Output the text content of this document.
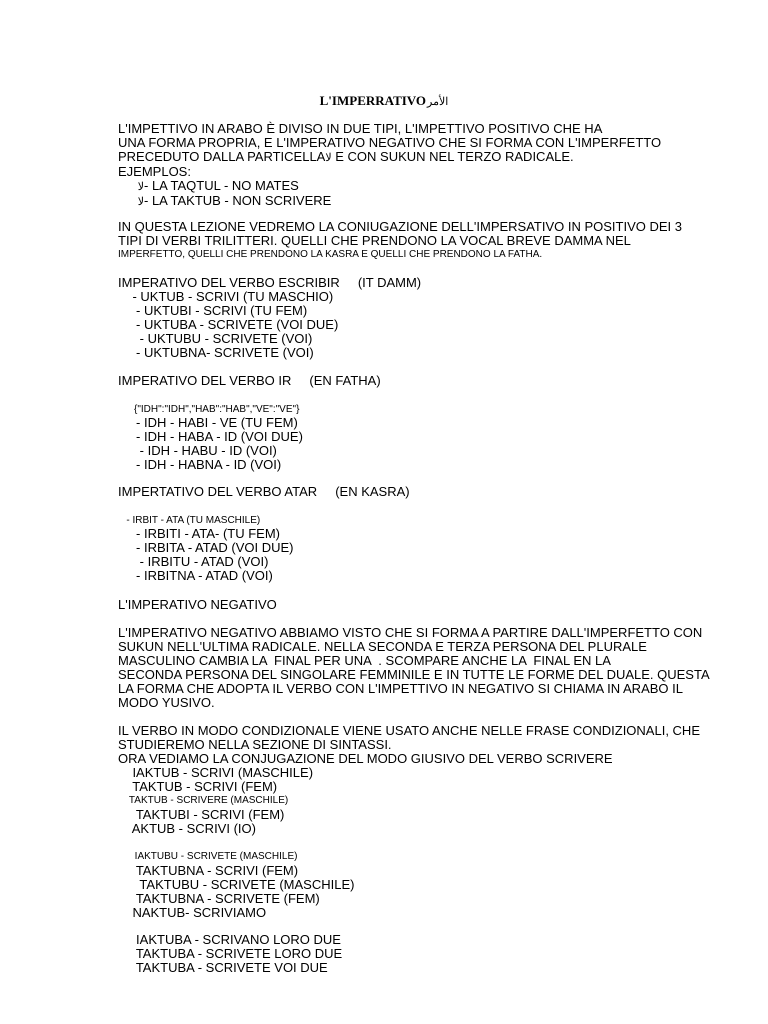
L'IMPERRATIVOالأمر
L'IMPETTIVO IN ARABO È DIVISO IN DUE TIPI, L'IMPETTIVO POSITIVO CHE HA
UNA FORMA PROPRIA, E L'IMPERATIVO NEGATIVO CHE SI FORMA CON L'IMPERFETTO
PRECEDUTO DALLA PARTICELLAلا E CON SUKUN NEL TERZO RADICALE.
EJEMPLOS:
لا- LA TAQTUL - NO MATES
لا- LA TAKTUB - NON SCRIVERE
IN QUESTA LEZIONE VEDREMO LA CONIUGAZIONE DELL'IMPERSATIVO IN POSITIVO DEI 3
TIPI DI VERBI TRILITTERI. QUELLI CHE PRENDONO LA VOCAL BREVE DAMMA NEL
IMPERFETTO, QUELLI CHE PRENDONO LA KASRA E QUELLI CHE PRENDONO LA FATHA.
IMPERATIVO DEL VERBO ESCRIBIR     (IT DAMM)
- UKTUB - SCRIVI (TU MASCHIO)
- UKTUBI - SCRIVI (TU FEM)
- UKTUBA - SCRIVETE (VOI DUE)
- UKTUBU - SCRIVETE (VOI)
- UKTUBNA- SCRIVETE (VOI)
IMPERATIVO DEL VERBO IR     (EN FATHA)
{"IDH":"IDH","HAB":"HAB","VE":"VE"}
- IDH - HABI - VE (TU FEM)
- IDH - HABA - ID (VOI DUE)
- IDH - HABU - ID (VOI)
- IDH - HABNA - ID (VOI)
IMPERTATIVO DEL VERBO ATAR     (EN KASRA)
- IRBIT - ATA (TU MASCHILE)
- IRBITI - ATA- (TU FEM)
- IRBITA - ATAD (VOI DUE)
- IRBITU - ATAD (VOI)
- IRBITNA - ATAD (VOI)
L'IMPERATIVO NEGATIVO
L'IMPERATIVO NEGATIVO ABBIAMO VISTO CHE SI FORMA A PARTIRE DALL'IMPERFETTO CON
SUKUN NELL'ULTIMA RADICALE. NELLA SECONDA E TERZA PERSONA DEL PLURALE
MASCULINO CAMBIA LA  FINAL PER UNA  . SCOMPARE ANCHE LA  FINAL EN LA
SECONDA PERSONA DEL SINGOLARE FEMMINILE E IN TUTTE LE FORME DEL DUALE. QUESTA
LA FORMA CHE ADOPTA IL VERBO CON L'IMPETTIVO IN NEGATIVO SI CHIAMA IN ARABO IL
MODO YUSIVO.
IL VERBO IN MODO CONDIZIONALE VIENE USATO ANCHE NELLE FRASE CONDIZIONALI, CHE
STUDIEREMO NELLA SEZIONE DI SINTASSI.
ORA VEDIAMO LA CONJUGAZIONE DEL MODO GIUSIVO DEL VERBO SCRIVERE
IAKTUB - SCRIVI (MASCHILE)
TAKTUB - SCRIVI (FEM)
TAKTUB - SCRIVERE (MASCHILE)
TAKTUBI - SCRIVI (FEM)
AKTUB - SCRIVI (IO)
IAKTUBU - SCRIVETE (MASCHILE)
TAKTUBNA - SCRIVI (FEM)
TAKTUBU - SCRIVETE (MASCHILE)
TAKTUBNA - SCRIVETE (FEM)
NAKTUB- SCRIVIAMO
IAKTUBA - SCRIVANO LORO DUE
TAKTUBA - SCRIVETE LORO DUE
TAKTUBA - SCRIVETE VOI DUE
